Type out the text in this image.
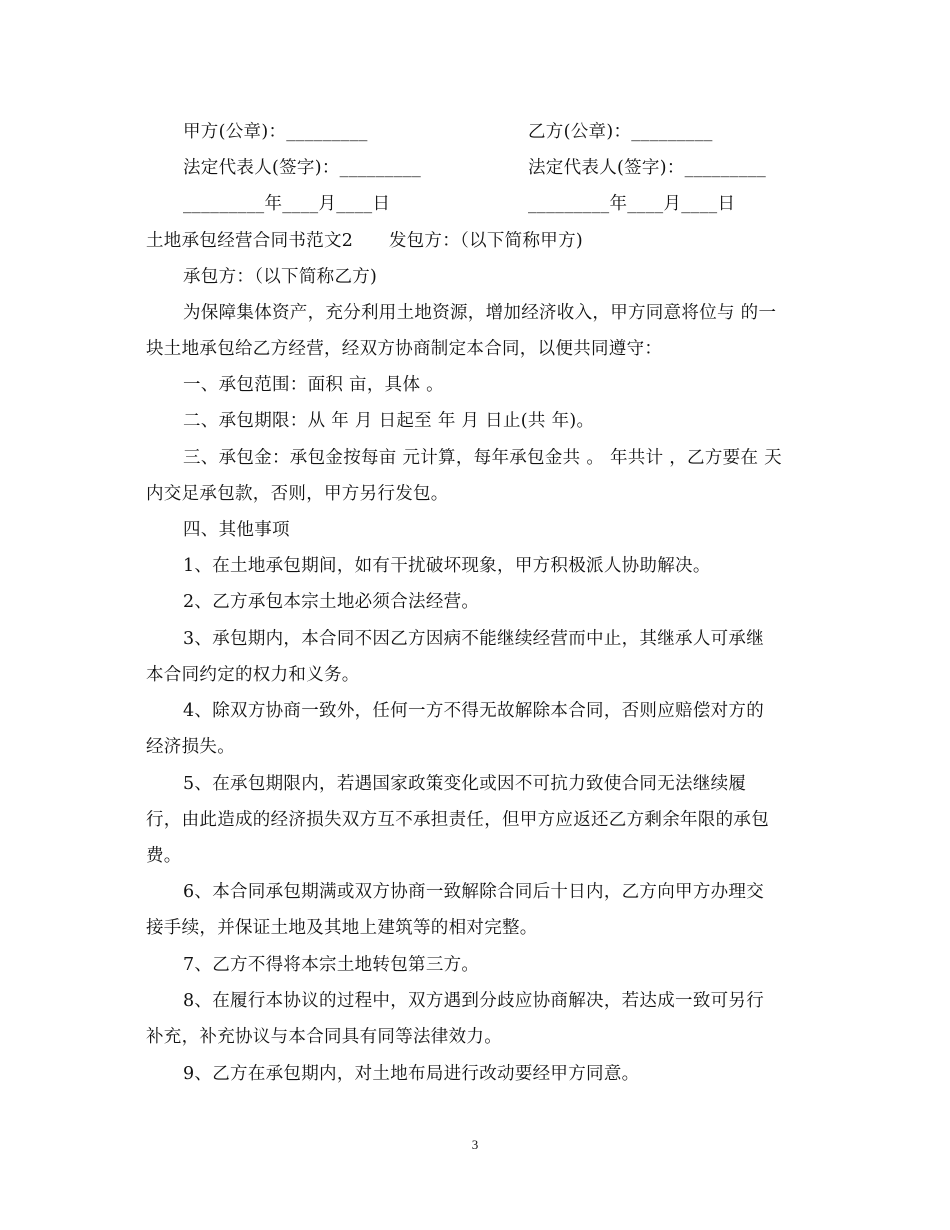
甲方(公章)：_________	乙方(公章)：_________
法定代表人(签字)：_________	法定代表人(签字)：_________
_________年____月____日	_________年____月____日
土地承包经营合同书范文2　　发包方：（以下简称甲方)
承包方：（以下简称乙方)
为保障集体资产，充分利用土地资源，增加经济收入，甲方同意将位与 的一
块土地承包给乙方经营，经双方协商制定本合同，以便共同遵守：
一、承包范围：面积 亩，具体 。
二、承包期限：从 年 月 日起至 年 月 日止(共 年)。
三、承包金：承包金按每亩 元计算，每年承包金共 。 年共计 ，乙方要在 天
内交足承包款，否则，甲方另行发包。
四、其他事项
1、在土地承包期间，如有干扰破坏现象，甲方积极派人协助解决。
2、乙方承包本宗土地必须合法经营。
3、承包期内，本合同不因乙方因病不能继续经营而中止，其继承人可承继
本合同约定的权力和义务。
4、除双方协商一致外，任何一方不得无故解除本合同，否则应赔偿对方的
经济损失。
5、在承包期限内，若遇国家政策变化或因不可抗力致使合同无法继续履
行，由此造成的经济损失双方互不承担责任，但甲方应返还乙方剩余年限的承包
费。
6、本合同承包期满或双方协商一致解除合同后十日内，乙方向甲方办理交
接手续，并保证土地及其地上建筑等的相对完整。
7、乙方不得将本宗土地转包第三方。
8、在履行本协议的过程中，双方遇到分歧应协商解决，若达成一致可另行
补充，补充协议与本合同具有同等法律效力。
9、乙方在承包期内，对土地布局进行改动要经甲方同意。
3
